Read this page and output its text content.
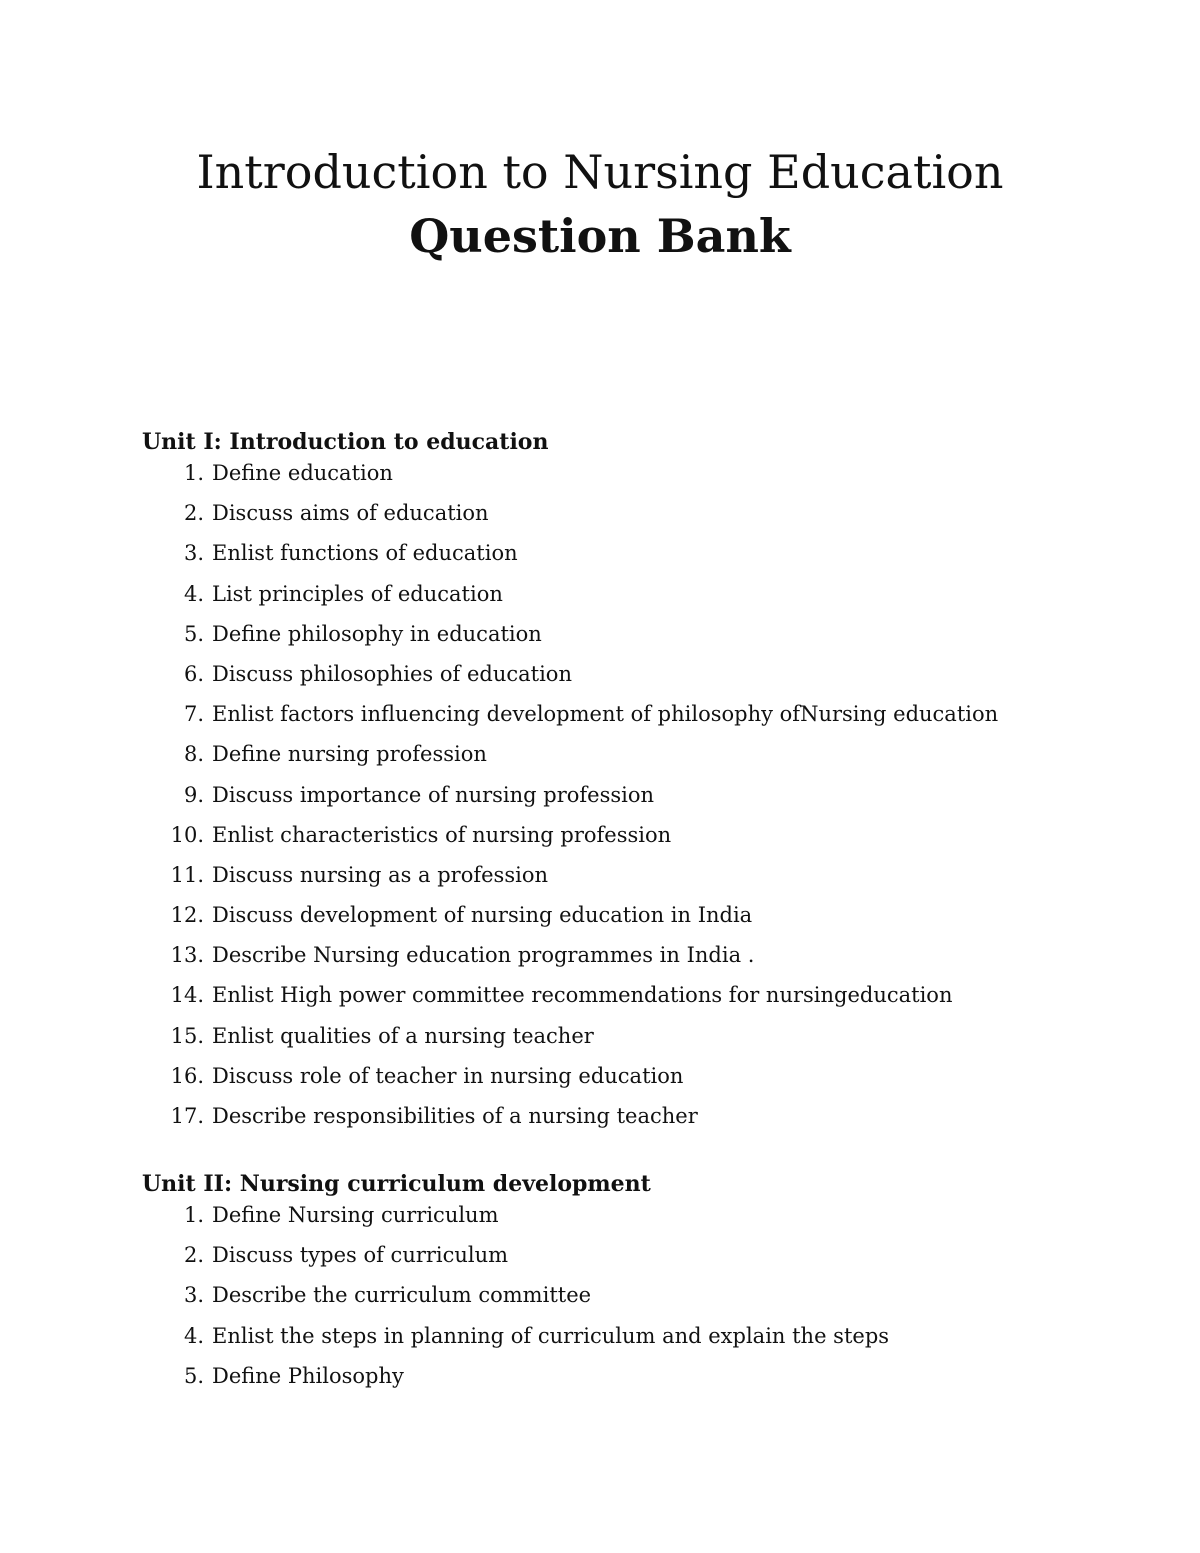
Introduction to Nursing Education
Question Bank
Unit I: Introduction to education
1. Define education
2. Discuss aims of education
3. Enlist functions of education
4. List principles of education
5. Define philosophy in education
6. Discuss philosophies of education
7. Enlist factors influencing development of philosophy ofNursing education
8. Define nursing profession
9. Discuss importance of nursing profession
10. Enlist characteristics of nursing profession
11. Discuss nursing as a profession
12. Discuss development of nursing education in India
13. Describe Nursing education programmes in India .
14. Enlist High power committee recommendations for nursingeducation
15. Enlist qualities of a nursing teacher
16. Discuss role of teacher in nursing education
17. Describe responsibilities of a nursing teacher
Unit II: Nursing curriculum development
1. Define Nursing curriculum
2. Discuss types of curriculum
3. Describe the curriculum committee
4. Enlist the steps in planning of curriculum and explain the steps
5. Define Philosophy
